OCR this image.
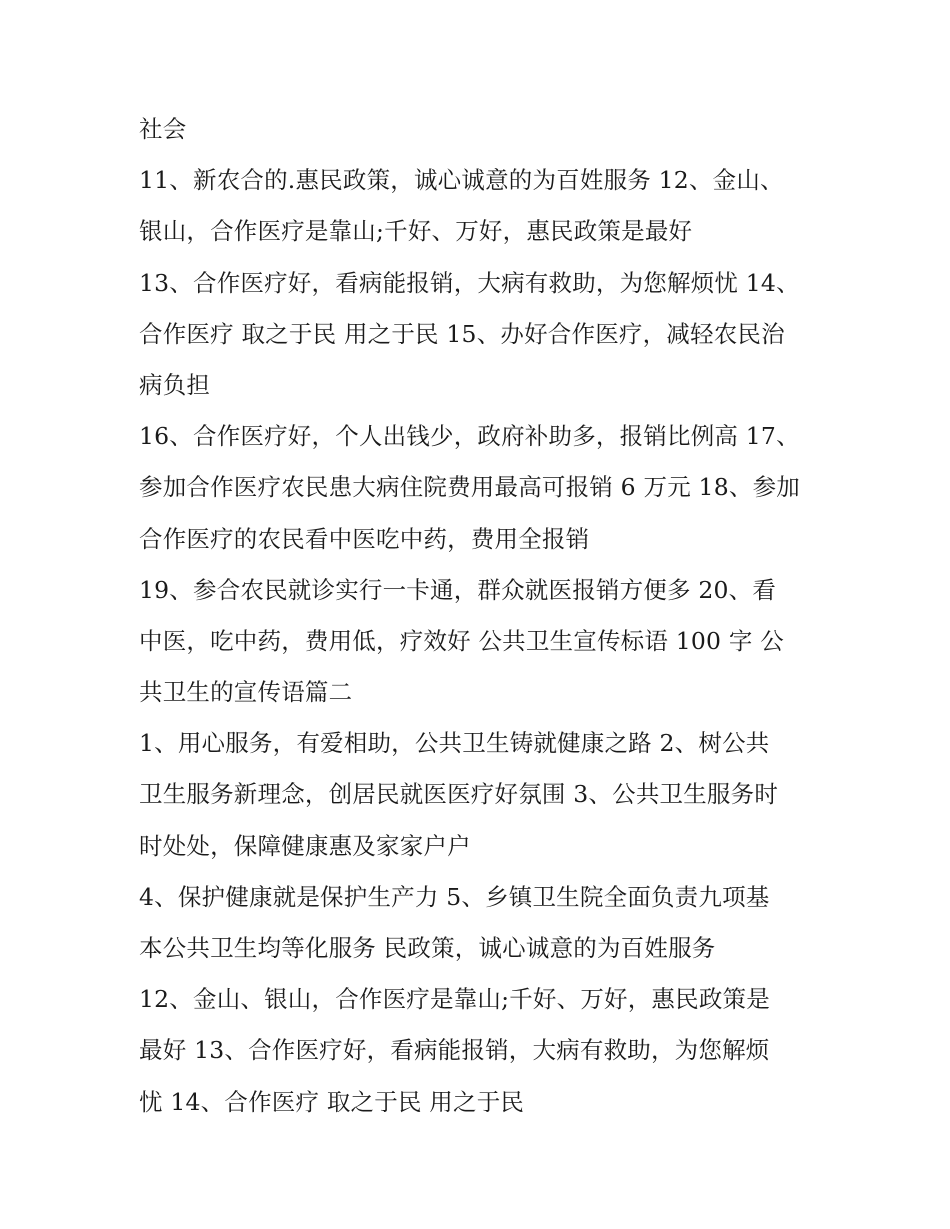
社会
11、新农合的.惠民政策，诚心诚意的为百姓服务 12、金山、
银山，合作医疗是靠山;千好、万好，惠民政策是最好
13、合作医疗好，看病能报销，大病有救助，为您解烦忧 14、
合作医疗 取之于民 用之于民 15、办好合作医疗，减轻农民治
病负担
16、合作医疗好，个人出钱少，政府补助多，报销比例高 17、
参加合作医疗农民患大病住院费用最高可报销 6 万元 18、参加
合作医疗的农民看中医吃中药，费用全报销
19、参合农民就诊实行一卡通，群众就医报销方便多 20、看
中医，吃中药，费用低，疗效好 公共卫生宣传标语 100 字 公
共卫生的宣传语篇二
1、用心服务，有爱相助，公共卫生铸就健康之路 2、树公共
卫生服务新理念，创居民就医医疗好氛围 3、公共卫生服务时
时处处，保障健康惠及家家户户
4、保护健康就是保护生产力 5、乡镇卫生院全面负责九项基
本公共卫生均等化服务 民政策，诚心诚意的为百姓服务
12、金山、银山，合作医疗是靠山;千好、万好，惠民政策是
最好 13、合作医疗好，看病能报销，大病有救助，为您解烦
忧 14、合作医疗 取之于民 用之于民
